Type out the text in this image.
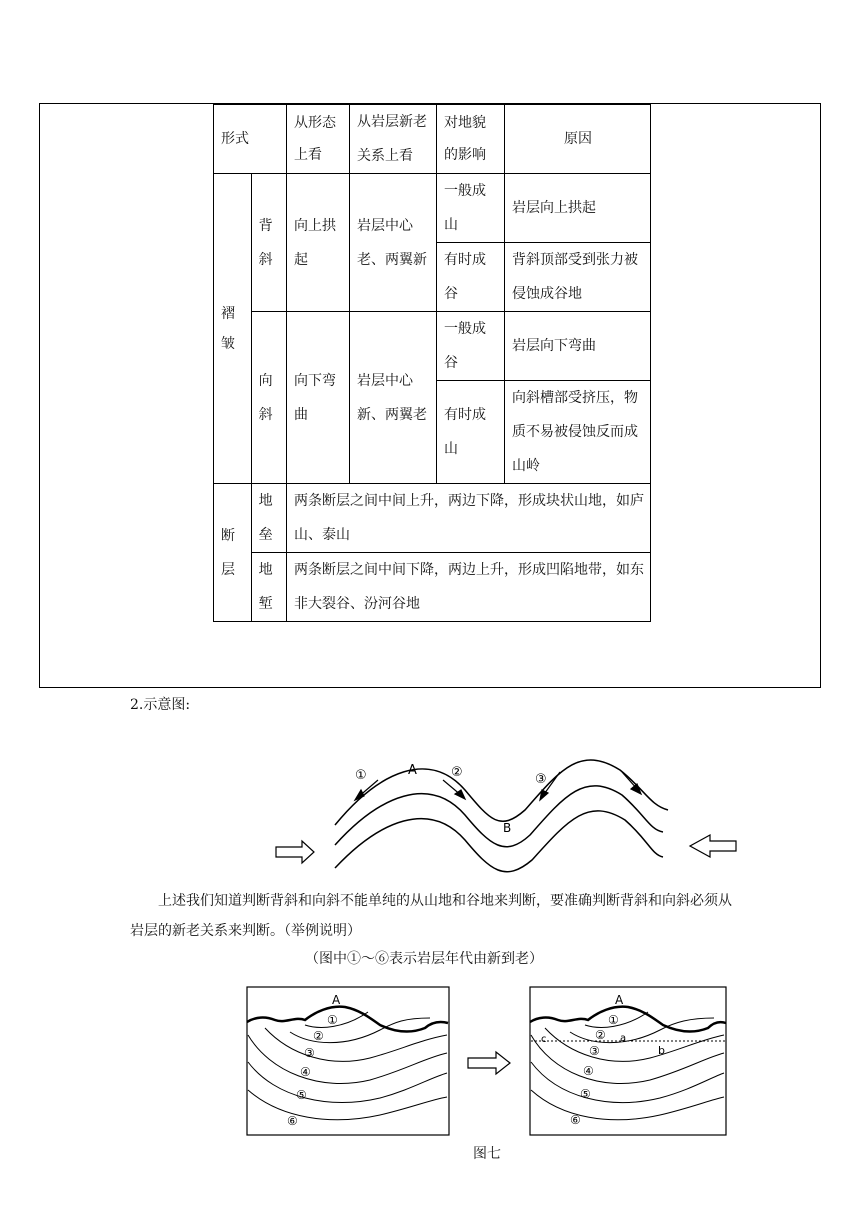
形式		从形态上看	从岩层新老关系上看	对地貌的影响	原因
褶皱	背斜	向上拱起	岩层中心老、两翼新	一般成山	岩层向上拱起
				有时成谷	背斜顶部受到张力被侵蚀成谷地
	向斜	向下弯曲	岩层中心新、两翼老	一般成谷	岩层向下弯曲
				有时成山	向斜槽部受挤压，物质不易被侵蚀反而成山岭
断层	地垒	两条断层之间中间上升，两边下降，形成块状山地，如庐山、泰山			
	地堑	两条断层之间中间下降，两边上升，形成凹陷地带，如东非大裂谷、汾河谷地			
2.示意图:
①	A	②	③
B
A
①
②
③
④
⑤
⑥
A
①
② a
c
③	b
④
⑤
⑥
上述我们知道判断背斜和向斜不能单纯的从山地和谷地来判断，要准确判断背斜和向斜必须从岩层的新老关系来判断。（举例说明）
（图中①～⑥表示岩层年代由新到老）
图七
